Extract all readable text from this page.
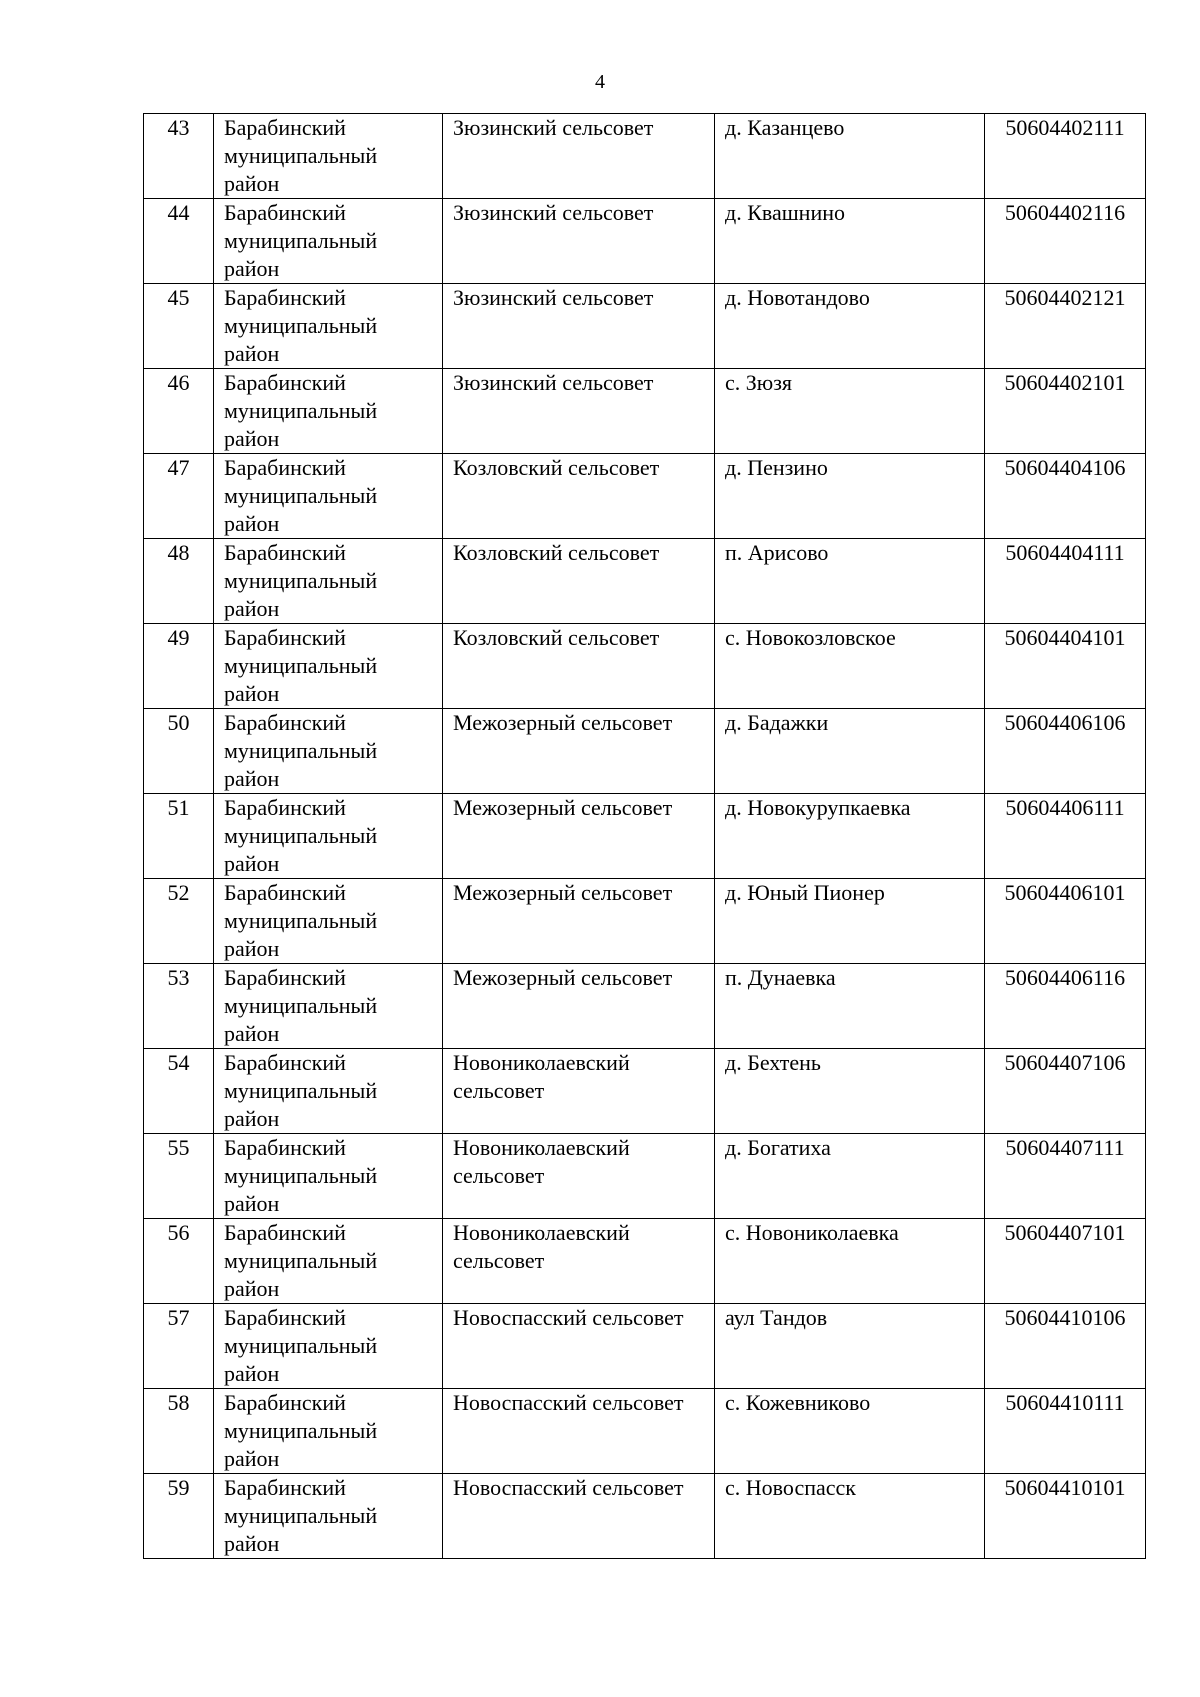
4
43	Барабинский муниципальный район	Зюзинский сельсовет	д. Казанцево	50604402111
44	Барабинский муниципальный район	Зюзинский сельсовет	д. Квашнино	50604402116
45	Барабинский муниципальный район	Зюзинский сельсовет	д. Новотандово	50604402121
46	Барабинский муниципальный район	Зюзинский сельсовет	с. Зюзя	50604402101
47	Барабинский муниципальный район	Козловский сельсовет	д. Пензино	50604404106
48	Барабинский муниципальный район	Козловский сельсовет	п. Арисово	50604404111
49	Барабинский муниципальный район	Козловский сельсовет	с. Новокозловское	50604404101
50	Барабинский муниципальный район	Межозерный сельсовет	д. Бадажки	50604406106
51	Барабинский муниципальный район	Межозерный сельсовет	д. Новокурупкаевка	50604406111
52	Барабинский муниципальный район	Межозерный сельсовет	д. Юный Пионер	50604406101
53	Барабинский муниципальный район	Межозерный сельсовет	п. Дунаевка	50604406116
54	Барабинский муниципальный район	Новониколаевский сельсовет	д. Бехтень	50604407106
55	Барабинский муниципальный район	Новониколаевский сельсовет	д. Богатиха	50604407111
56	Барабинский муниципальный район	Новониколаевский сельсовет	с. Новониколаевка	50604407101
57	Барабинский муниципальный район	Новоспасский сельсовет	аул Тандов	50604410106
58	Барабинский муниципальный район	Новоспасский сельсовет	с. Кожевниково	50604410111
59	Барабинский муниципальный район	Новоспасский сельсовет	с. Новоспасск	50604410101
